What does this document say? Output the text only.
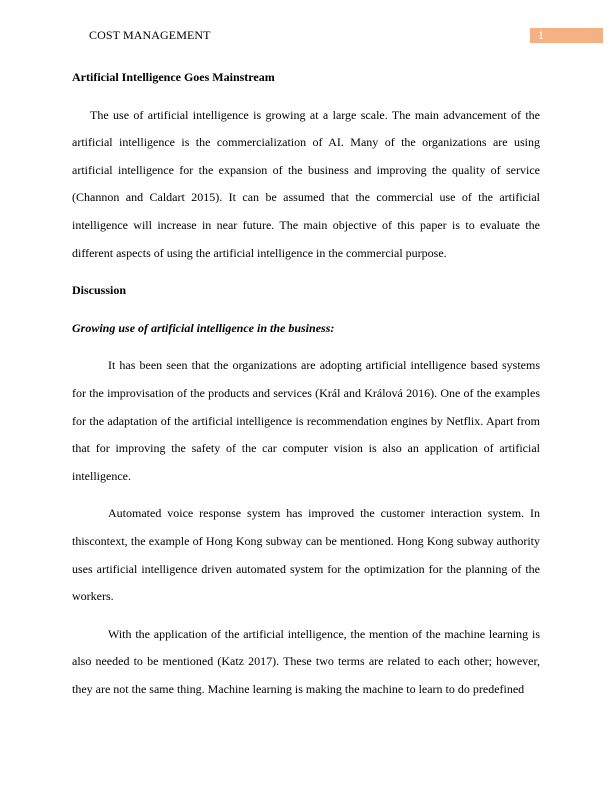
COST MANAGEMENT	1

Artificial Intelligence Goes Mainstream

The use of artificial intelligence is growing at a large scale. The main advancement of the artificial intelligence is the commercialization of AI. Many of the organizations are using artificial intelligence for the expansion of the business and improving the quality of service (Channon and Caldart 2015). It can be assumed that the commercial use of the artificial intelligence will increase in near future. The main objective of this paper is to evaluate the different aspects of using the artificial intelligence in the commercial purpose.

Discussion

Growing use of artificial intelligence in the business:

It has been seen that the organizations are adopting artificial intelligence based systems for the improvisation of the products and services (Král and Králová 2016). One of the examples for the adaptation of the artificial intelligence is recommendation engines by Netflix. Apart from that for improving the safety of the car computer vision is also an application of artificial intelligence.

Automated voice response system has improved the customer interaction system. In thiscontext, the example of Hong Kong subway can be mentioned. Hong Kong subway authority uses artificial intelligence driven automated system for the optimization for the planning of the workers.

With the application of the artificial intelligence, the mention of the machine learning is also needed to be mentioned (Katz 2017). These two terms are related to each other; however, they are not the same thing. Machine learning is making the machine to learn to do predefined
